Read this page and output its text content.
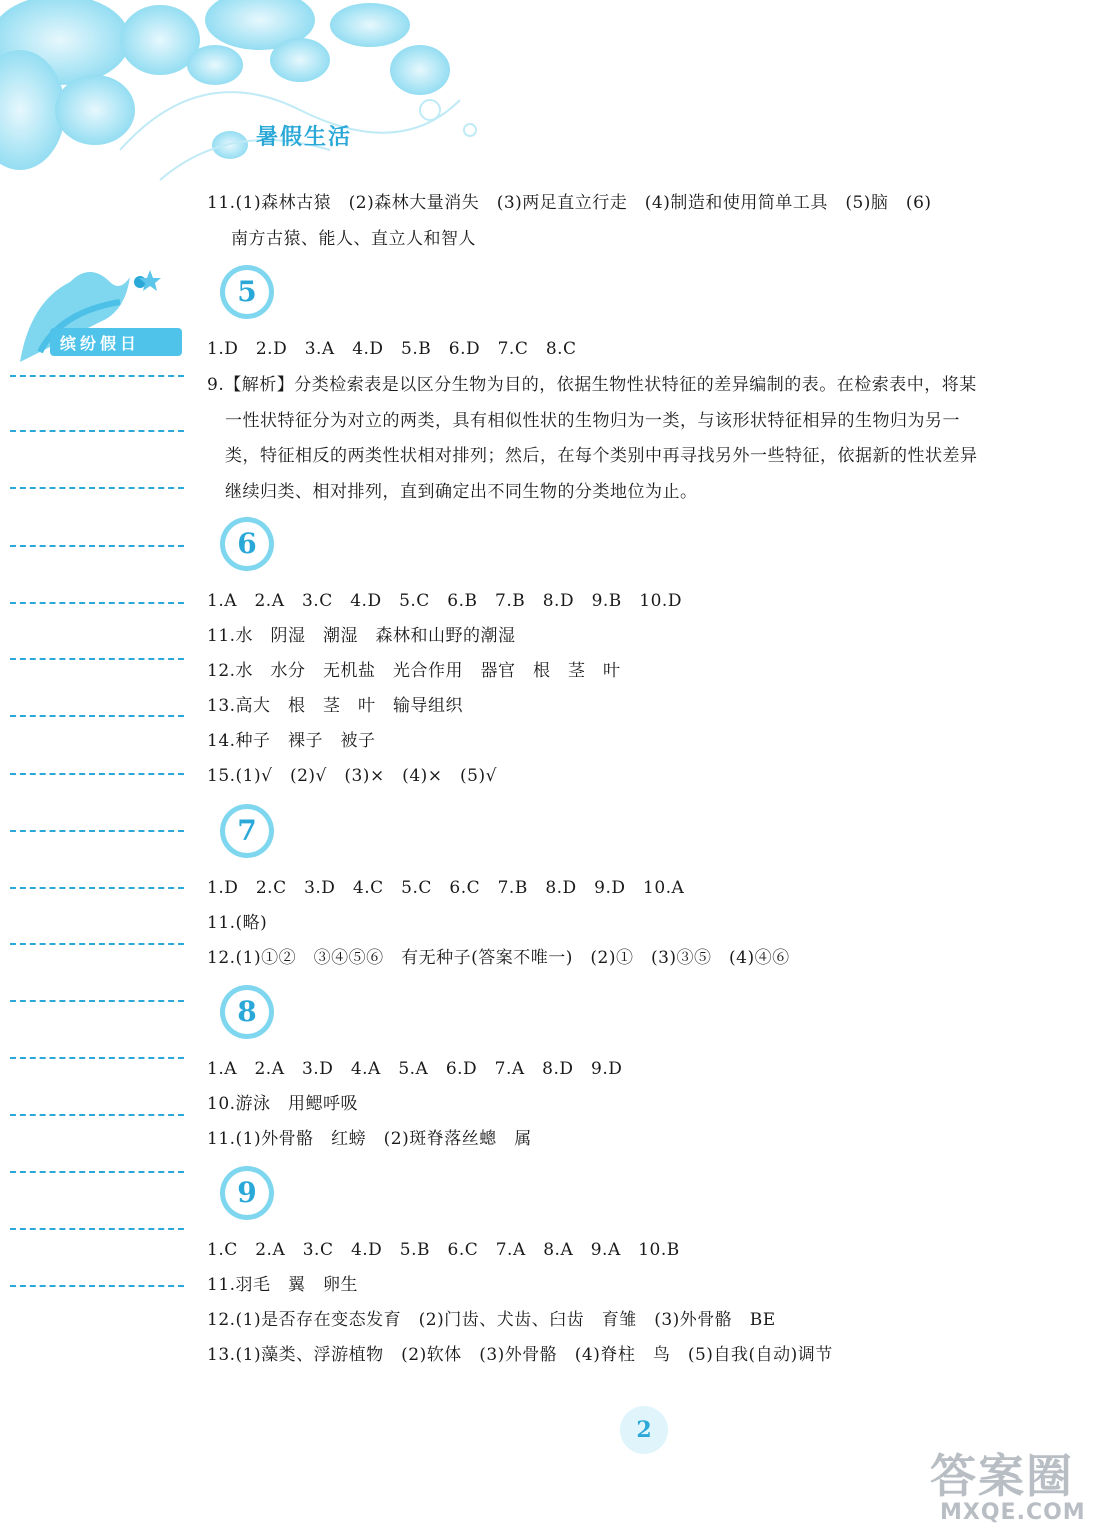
暑假生活
缤纷假日
11.(1)森林古猿　(2)森林大量消失　(3)两足直立行走　(4)制造和使用简单工具　(5)脑　(6)
南方古猿、能人、直立人和智人
5
1.D　2.D　3.A　4.D　5.B　6.D　7.C　8.C
9.【解析】分类检索表是以区分生物为目的，依据生物性状特征的差异编制的表。在检索表中，将某
一性状特征分为对立的两类，具有相似性状的生物归为一类，与该形状特征相异的生物归为另一
类，特征相反的两类性状相对排列；然后，在每个类别中再寻找另外一些特征，依据新的性状差异
继续归类、相对排列，直到确定出不同生物的分类地位为止。
6
1.A　2.A　3.C　4.D　5.C　6.B　7.B　8.D　9.B　10.D
11.水　阴湿　潮湿　森林和山野的潮湿
12.水　水分　无机盐　光合作用　器官　根　茎　叶
13.高大　根　茎　叶　输导组织
14.种子　裸子　被子
15.(1)√　(2)√　(3)×　(4)×　(5)√
7
1.D　2.C　3.D　4.C　5.C　6.C　7.B　8.D　9.D　10.A
11.(略)
12.(1)①②　③④⑤⑥　有无种子(答案不唯一)　(2)①　(3)③⑤　(4)④⑥
8
1.A　2.A　3.D　4.A　5.A　6.D　7.A　8.D　9.D
10.游泳　用鳃呼吸
11.(1)外骨骼　红螃　(2)斑脊落丝蟌　属
9
1.C　2.A　3.C　4.D　5.B　6.C　7.A　8.A　9.A　10.B
11.羽毛　翼　卵生
12.(1)是否存在变态发育　(2)门齿、犬齿、臼齿　育雏　(3)外骨骼　BE
13.(1)藻类、浮游植物　(2)软体　(3)外骨骼　(4)脊柱　鸟　(5)自我(自动)调节
2
答案圈
MXQE.COM
